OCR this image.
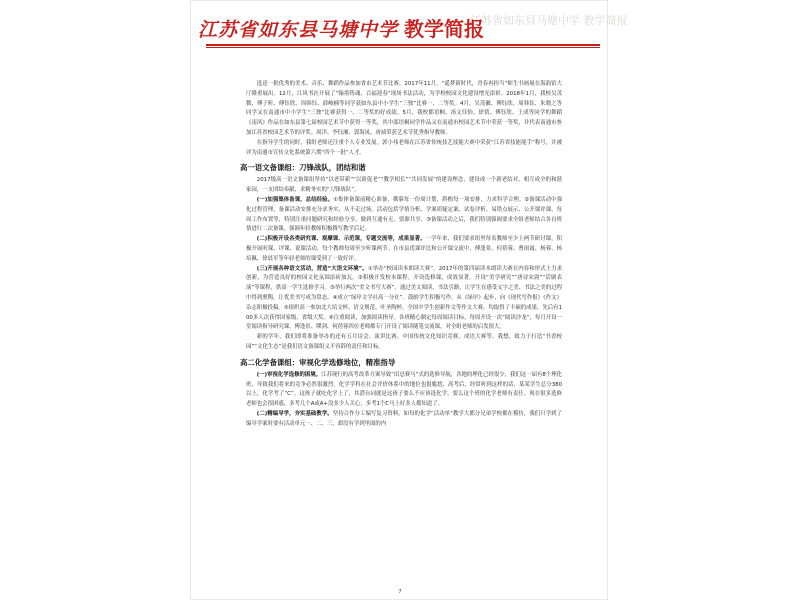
江苏省如东县马塘中学 教学简报
江苏省如东县马塘中学 教学简报

选送一批优秀的美术、音乐、舞蹈作品参加省市艺术节比赛。2017年11月，“遥梦新时代，青春再担当”师生书画展在海韵馆大厅隆重展出。12月，江风书社开展了“翰墨铸魂，百福迎春”现场书法活动，为学校校园文化建设增光添彩。2018年1月，我校吴茂微、傅子昕、傅钰欣、周韩钰、薛峻楠等同学获如东县中小学生“三独”比赛一、二等奖。4月，吴茂徽、傅钰欣、周韩钰、朱晓之等同学又在南通市中小学生“三独”比赛获得一、二等奖的好成绩。5月，我校都语桐、汤文佳怡、徐倩、傅钰欣、王成等同学的舞蹈《南风》作品在如东县第七届校园艺术节中获得一等奖，其中邵语桐同学作品又在南通市校园艺术节中荣获一等奖，并代表南通市参加江苏省校园艺术节的评奖。周洋、李钰湘、郭海凤、唐祯荣获艺术节优秀指导教师。

在指导学生的同时，我组老师还注重个人专业发展。郭小伟老师在江苏省传统技艺技能大赛中荣获“江苏省技能能手”称号，并被评为南通市宣传文化系统第六期“四个一批”人才。

高一语文备课组：刀锋战队，团结和谐

2017级高一语文备课组坚持“以老带新”“以新促老”“教学相长”“共同发展”的建设理念，建设成一个新老结对、相互成全的和谐家园，一支团结奉献、求精务实的“刀锋战队”。

(一)加强集体备课，总结经验。①集体备课前精心准备，撰摹每一份周计划，斟酌每一项安排，力求科学合理。②备课活动中强化过程管理，备课活动安排充分求务实，从不走过场。活动包括学情分析、学案质疑定案、试卷评析、易错点展示、公开课评课、每周工作布置等，特别注重问题研究和经验分享，做到互通有无、资源共享。③备课活动之后，我们特别强调要求全组老师结合各自班情进行二次备课，强调年轻教师积极撰写教学后记。

(二)积极开设各类研究课、观摩课、示范课，专题交流等，成果显著。一学年来，我们要求组里每名教师至少上两节研讨课，积极开展听课、评课、说课活动，每个教师每周至少听课两节。在市县优课评比和公开课交流中，傅逢景、何蓓蓉、曹雨霞、杨蓉、杨培佩、徐晨军等年轻老师的课受到了一致好评。

(三)开展各种语文活动，营造“大语文环境”。①举办“校园读本朗读大赛”。2017年的第四届读本朗读大赛在内容和形式上力求创新，为营造良好的校园文化氛围添砖加瓦。②积极开发校本课程。开设选修课，成效显著。开设“美学研究”“唐诗宋韵”“话剧表演”等课程，供高一学生选修学习。③举行两次“美文书写大赛”。通过美文阅读、书法引路，让学生在感受文字之美、书法之美的过程中得到熏陶，让优美书写成为常态。④成立“绿岸文学社高一分社”。鼓励学生积极写作。从《绿岸》起步，向《现代写作报》《作文》杂志积极投稿。⑤组织高一参加北大培文杯、语文规范、叶圣陶杯、全国中学生创新作文等作文大赛，均取得了丰硕的成果。先后有100多人次获得国家级、省级大奖。⑥注重阅读，加强阅读指导。各班精心制定每周阅读目标，每周开设一次“阅读沙龙”，每月开设一堂阅读指导研究课。傅逢景、缪剑、何蓓蓉四位老师都专门开设了阅读随笔交流课，对全组老师的启发很大。

新的学年，我们即将准备举办的还有五月诗会、演讲比赛、中国传统文化知识竞赛、成语大赛等。我想，致力于打造“书香校园”“文化生态”是我们语文备课组义不容辞的责任和目标。

高二化学备课组：审视化学选修地位，精准指导

(一)审视化学选修的困境。江苏现行的高考改革方案导致“田忌赛马”式的选修导航，各地的理化已经很少，我们这一届有8个理化班，导致我们将来的竞争必然很激烈。化学学科在社会评价体系中的地位也很尴尬，高考后，经常听到这样的话，某某学生总分380以上，化学考了“C”。这孩子就吃化学上了，其潜台词就是这孩子要么不应该选化学，要么这个班的化学老师有责任。现在很多选修老师也会很困惑，多考几个A或A+没多少人关心，多考1个C马上好多人都知道了。

(二)精编导学，夯实基础教学。坚持合作分工编写复习资料，如每的化学“活动单”教学大都分兄弟学校都在模仿，我们只学到了编导学案时要有活动单元一、二、三，却没有学到里面的内

7
